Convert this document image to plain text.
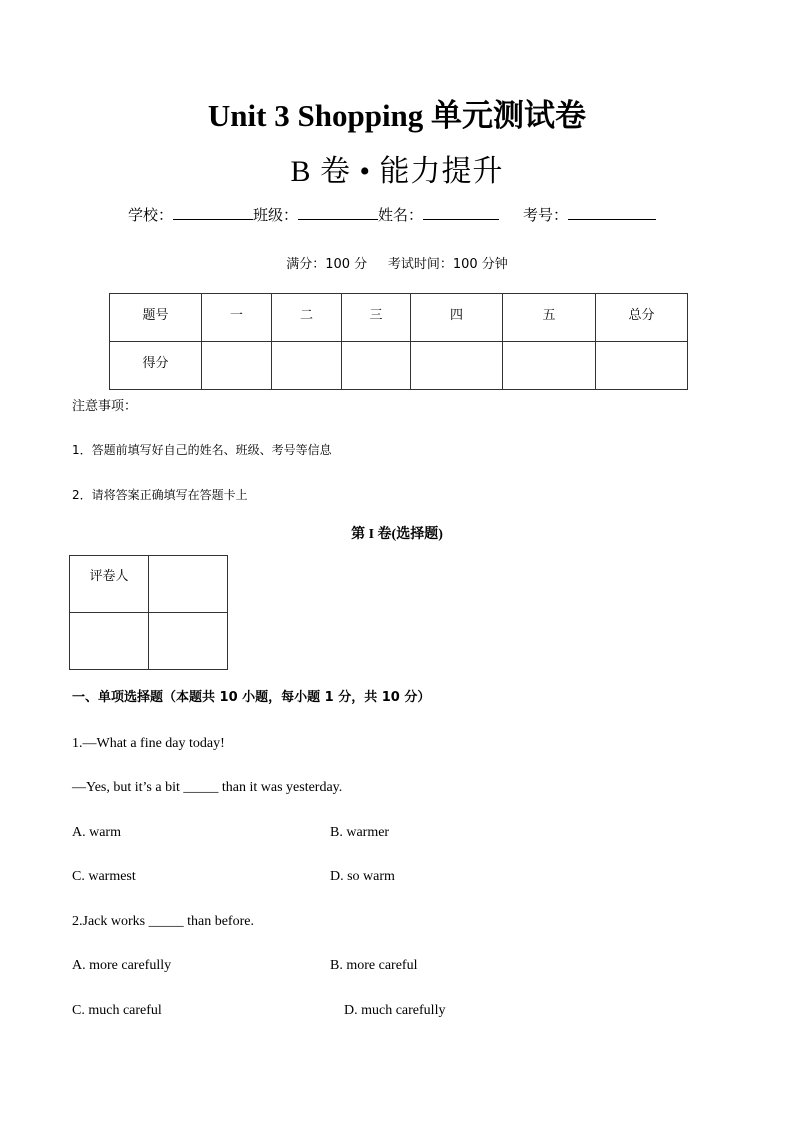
Unit 3 Shopping 单元测试卷
B 卷 • 能力提升
学校：	班级：	姓名：	考号：
满分：100 分     考试时间：100 分钟
题号	一	二	三	四	五	总分
得分						
注意事项：
1．答题前填写好自己的姓名、班级、考号等信息
2．请将答案正确填写在答题卡上
第 I 卷(选择题)
评卷人	

一、单项选择题（本题共 10 小题，每小题 1 分，共 10 分）
1.—What a fine day today!
—Yes, but it’s a bit _____ than it was yesterday.
A. warm	B. warmer
C. warmest	D. so warm
2.Jack works _____ than before.
A. more carefully	B. more careful
C. much careful	D. much carefully
